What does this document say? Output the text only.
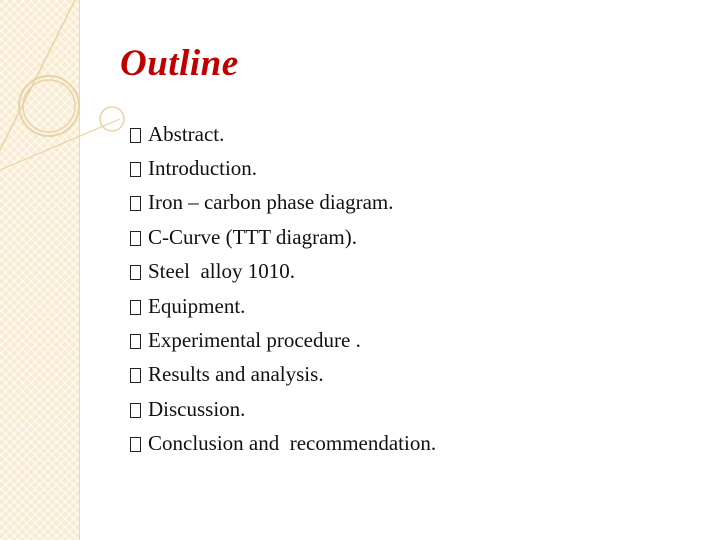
Outline
Abstract.
Introduction.
Iron – carbon phase diagram.
C-Curve (TTT diagram).
Steel  alloy 1010.
Equipment.
Experimental procedure .
Results and analysis.
Discussion.
Conclusion and  recommendation.
